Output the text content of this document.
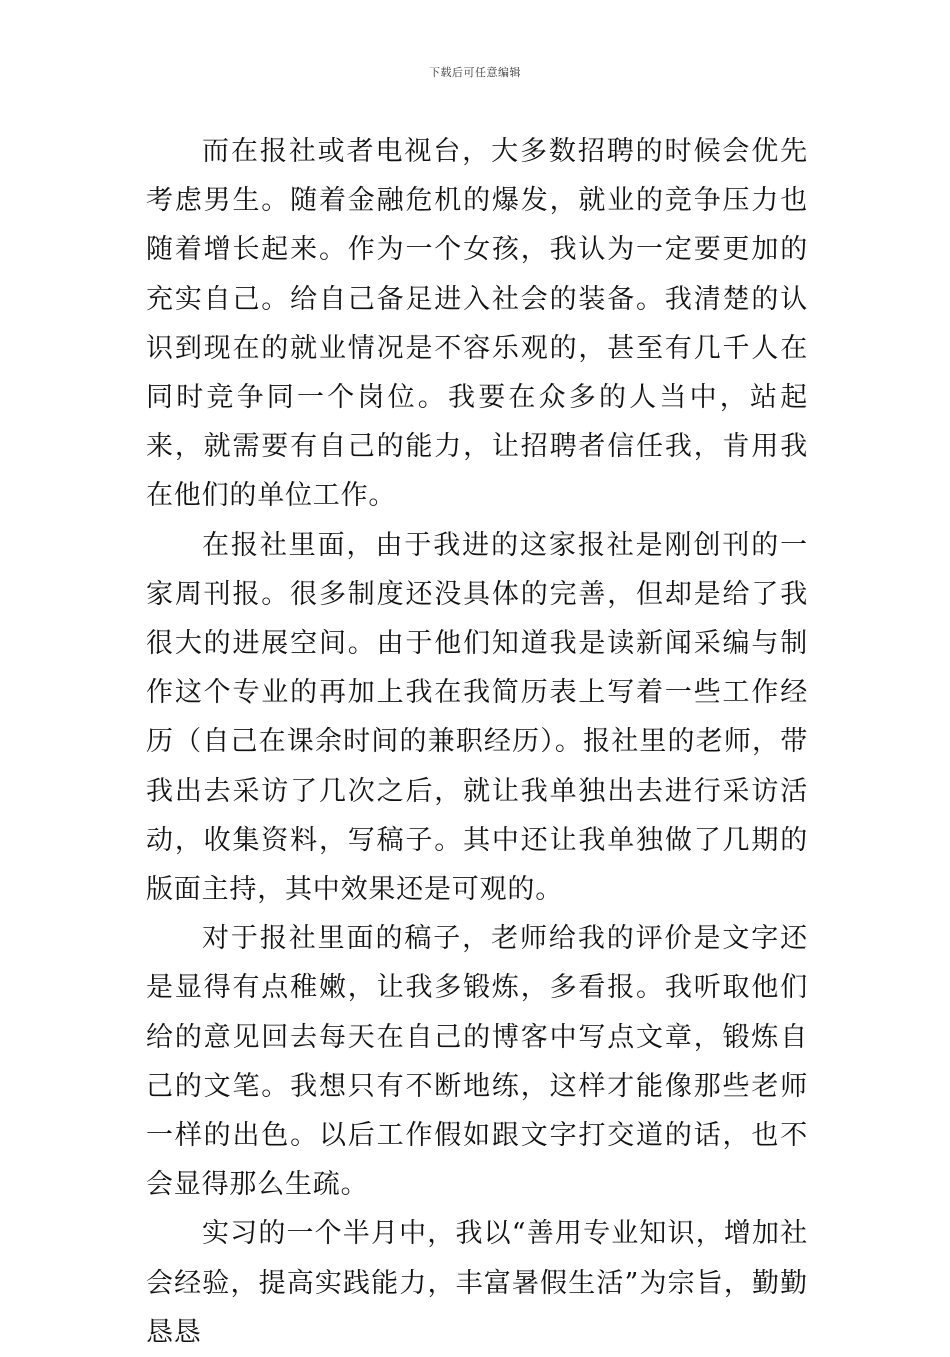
下载后可任意编辑

而在报社或者电视台，大多数招聘的时候会优先考虑男生。随着金融危机的爆发，就业的竞争压力也随着增长起来。作为一个女孩，我认为一定要更加的充实自己。给自己备足进入社会的装备。我清楚的认识到现在的就业情况是不容乐观的，甚至有几千人在同时竞争同一个岗位。我要在众多的人当中，站起来，就需要有自己的能力，让招聘者信任我，肯用我在他们的单位工作。

在报社里面，由于我进的这家报社是刚创刊的一家周刊报。很多制度还没具体的完善，但却是给了我很大的进展空间。由于他们知道我是读新闻采编与制作这个专业的再加上我在我简历表上写着一些工作经历（自己在课余时间的兼职经历）。报社里的老师，带我出去采访了几次之后，就让我单独出去进行采访活动，收集资料，写稿子。其中还让我单独做了几期的版面主持，其中效果还是可观的。

对于报社里面的稿子，老师给我的评价是文字还是显得有点稚嫩，让我多锻炼，多看报。我听取他们给的意见回去每天在自己的博客中写点文章，锻炼自己的文笔。我想只有不断地练，这样才能像那些老师一样的出色。以后工作假如跟文字打交道的话，也不会显得那么生疏。

实习的一个半月中，我以“善用专业知识，增加社会经验，提高实践能力，丰富暑假生活”为宗旨，勤勤恳恳
